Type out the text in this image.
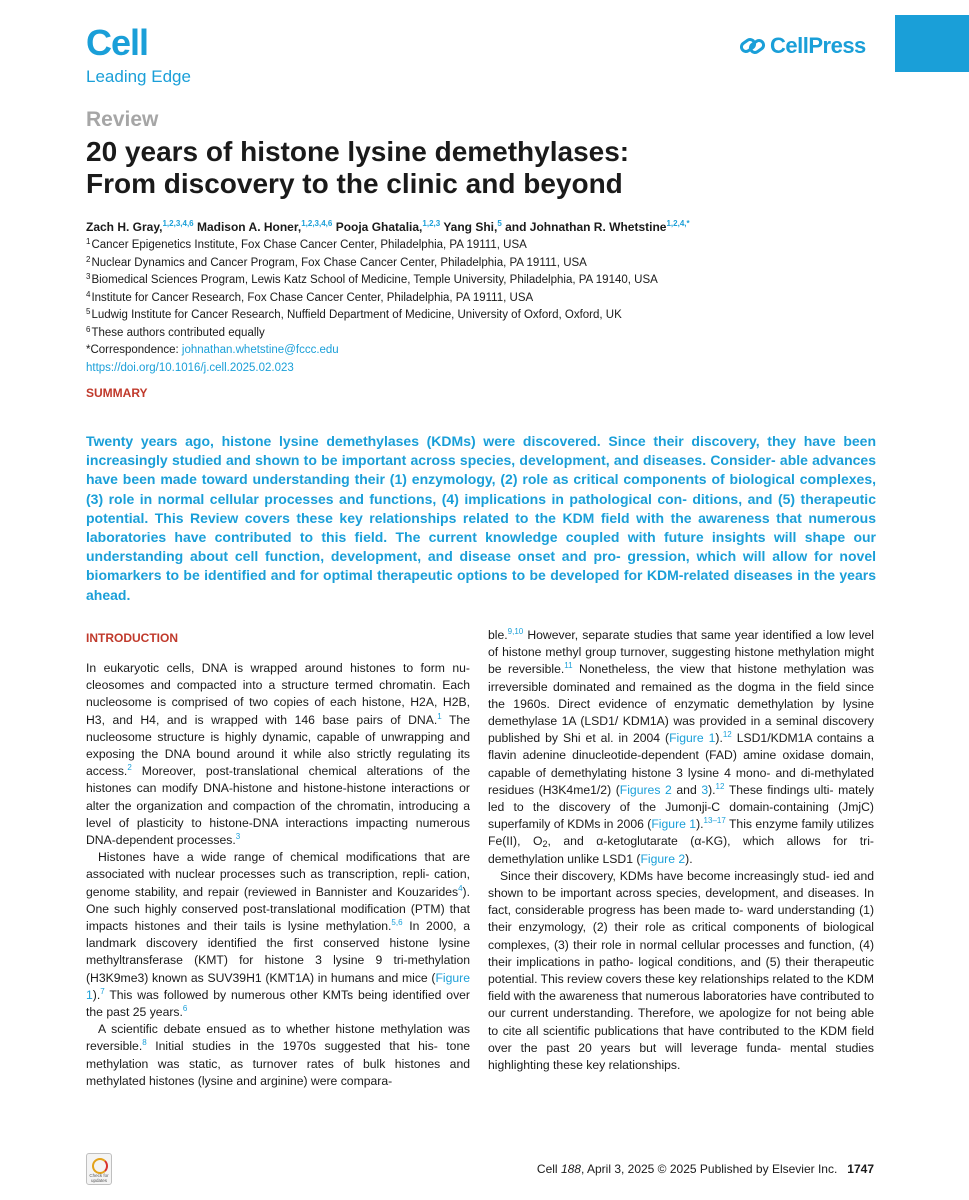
Cell
Leading Edge
CellPress
Review
20 years of histone lysine demethylases:
From discovery to the clinic and beyond
Zach H. Gray,$^{1,2,3,4,6}$ Madison A. Honer,$^{1,2,3,4,6}$ Pooja Ghatalia,$^{1,2,3}$ Yang Shi,$^5$ and Johnathan R. Whetstine$^{1,2,4,*}$
$^1$Cancer Epigenetics Institute, Fox Chase Cancer Center, Philadelphia, PA 19111, USA
$^2$Nuclear Dynamics and Cancer Program, Fox Chase Cancer Center, Philadelphia, PA 19111, USA
$^3$Biomedical Sciences Program, Lewis Katz School of Medicine, Temple University, Philadelphia, PA 19140, USA
$^4$Institute for Cancer Research, Fox Chase Cancer Center, Philadelphia, PA 19111, USA
$^5$Ludwig Institute for Cancer Research, Nuffield Department of Medicine, University of Oxford, Oxford, UK
$^6$These authors contributed equally
*Correspondence: johnathan.whetstine@fccc.edu
https://doi.org/10.1016/j.cell.2025.02.023
SUMMARY
Twenty years ago, histone lysine demethylases (KDMs) were discovered. Since their discovery, they have been increasingly studied and shown to be important across species, development, and diseases. Consider- able advances have been made toward understanding their (1) enzymology, (2) role as critical components of biological complexes, (3) role in normal cellular processes and functions, (4) implications in pathological con- ditions, and (5) therapeutic potential. This Review covers these key relationships related to the KDM field with the awareness that numerous laboratories have contributed to this field. The current knowledge coupled with future insights will shape our understanding about cell function, development, and disease onset and pro- gression, which will allow for novel biomarkers to be identified and for optimal therapeutic options to be developed for KDM-related diseases in the years ahead.
INTRODUCTION

In eukaryotic cells, DNA is wrapped around histones to form nu- cleosomes and compacted into a structure termed chromatin. Each nucleosome is comprised of two copies of each histone, H2A, H2B, H3, and H4, and is wrapped with 146 base pairs of DNA.$^1$ The nucleosome structure is highly dynamic, capable of unwrapping and exposing the DNA bound around it while also strictly regulating its access.$^2$ Moreover, post-translational chemical alterations of the histones can modify DNA-histone and histone-histone interactions or alter the organization and compaction of the chromatin, introducing a level of plasticity to histone-DNA interactions impacting numerous DNA-dependent processes.$^3$

Histones have a wide range of chemical modifications that are associated with nuclear processes such as transcription, repli- cation, genome stability, and repair (reviewed in Bannister and Kouzarides$^4$). One such highly conserved post-translational modification (PTM) that impacts histones and their tails is lysine methylation.$^{5,6}$ In 2000, a landmark discovery identified the first conserved histone lysine methyltransferase (KMT) for histone 3 lysine 9 tri-methylation (H3K9me3) known as SUV39H1 (KMT1A) in humans and mice (Figure 1).$^7$ This was followed by numerous other KMTs being identified over the past 25 years.$^6$

A scientific debate ensued as to whether histone methylation was reversible.$^8$ Initial studies in the 1970s suggested that his- tone methylation was static, as turnover rates of bulk histones and methylated histones (lysine and arginine) were compara-

ble.$^{9,10}$ However, separate studies that same year identified a low level of histone methyl group turnover, suggesting histone methylation might be reversible.$^{11}$ Nonetheless, the view that histone methylation was irreversible dominated and remained as the dogma in the field since the 1960s. Direct evidence of enzymatic demethylation by lysine demethylase 1A (LSD1/ KDM1A) was provided in a seminal discovery published by Shi et al. in 2004 (Figure 1).$^{12}$ LSD1/KDM1A contains a flavin adenine dinucleotide-dependent (FAD) amine oxidase domain, capable of demethylating histone 3 lysine 4 mono- and di-methylated residues (H3K4me1/2) (Figures 2 and 3).$^{12}$ These findings ulti- mately led to the discovery of the Jumonji-C domain-containing (JmjC) superfamily of KDMs in 2006 (Figure 1).$^{13-17}$ This enzyme family utilizes Fe(II), $O_2$, and α-ketoglutarate (α-KG), which allows for tri-demethylation unlike LSD1 (Figure 2).

Since their discovery, KDMs have become increasingly stud- ied and shown to be important across species, development, and diseases. In fact, considerable progress has been made to- ward understanding (1) their enzymology, (2) their role as critical components of biological complexes, (3) their role in normal cellular processes and function, (4) their implications in patho- logical conditions, and (5) their therapeutic potential. This review covers these key relationships related to the KDM field with the awareness that numerous laboratories have contributed to our current understanding. Therefore, we apologize for not being able to cite all scientific publications that have contributed to the KDM field over the past 20 years but will leverage funda- mental studies highlighting these key relationships.

Check for updates
Cell 188, April 3, 2025 © 2025 Published by Elsevier Inc. 1747
